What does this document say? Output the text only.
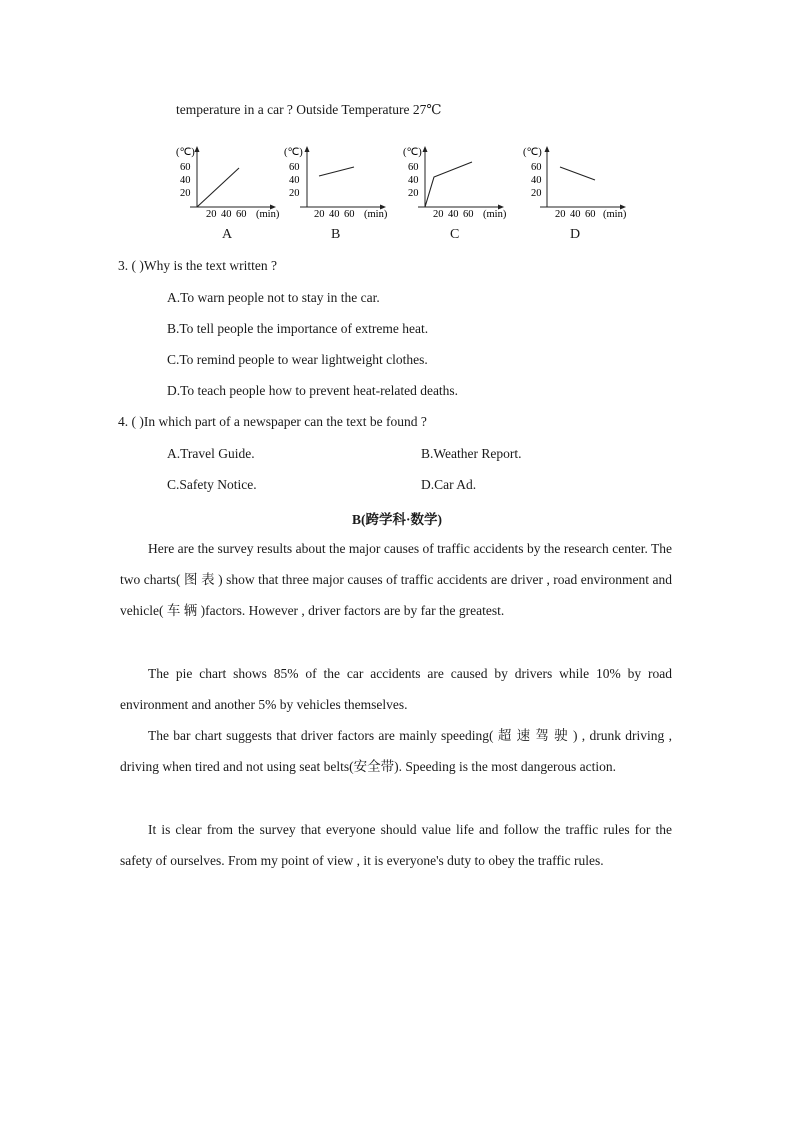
temperature in a car ? Outside Temperature 27℃
(℃)
60
40
20
20 40 60 (min)
A
(℃)
60
40
20
20 40 60 (min)
B
(℃)
60
40
20
20 40 60 (min)
C
(℃)
60
40
20
20 40 60 (min)
D
3. ( )Why is the text written ?
A.To warn people not to stay in the car.
B.To tell people the importance of extreme heat.
C.To remind people to wear lightweight clothes.
D.To teach people how to prevent heat-related deaths.
4. ( )In which part of a newspaper can the text be found ?
A.Travel Guide.	B.Weather Report.
C.Safety Notice.	D.Car Ad.
B(跨学科·数学)
Here are the survey results about the major causes of traffic accidents by the research center. The two charts( 图 表 ) show that three major causes of traffic accidents are driver , road environment and vehicle( 车 辆 )factors. However , driver factors are by far the greatest.
The pie chart shows 85% of the car accidents are caused by drivers while 10% by road environment and another 5% by vehicles themselves.
The bar chart suggests that driver factors are mainly speeding( 超 速 驾 驶 ) , drunk driving , driving when tired and not using seat belts(安全带). Speeding is the most dangerous action.
It is clear from the survey that everyone should value life and follow the traffic rules for the safety of ourselves. From my point of view , it is everyone's duty to obey the traffic rules.
